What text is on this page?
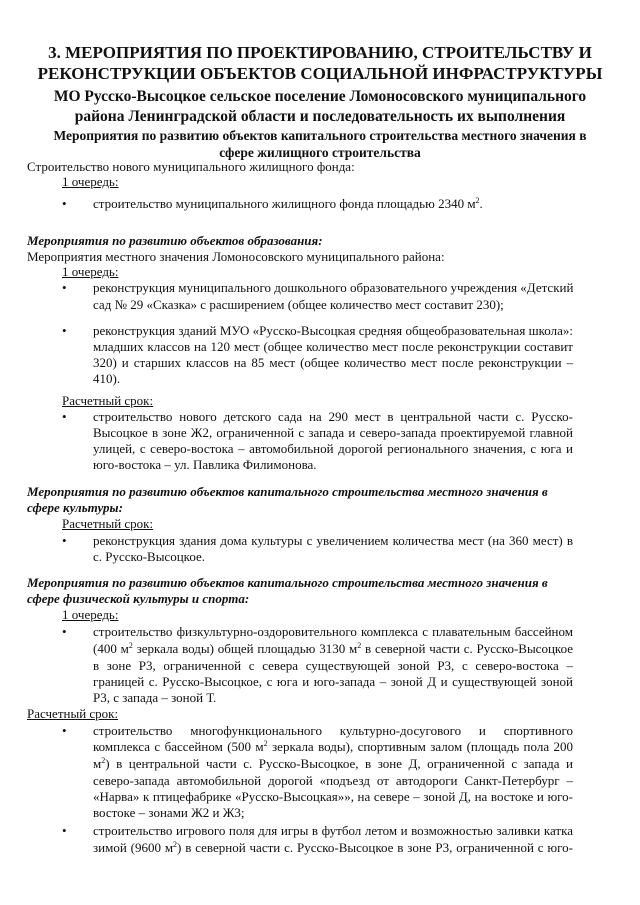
3. МЕРОПРИЯТИЯ ПО ПРОЕКТИРОВАНИЮ, СТРОИТЕЛЬСТВУ И
РЕКОНСТРУКЦИИ ОБЪЕКТОВ СОЦИАЛЬНОЙ ИНФРАСТРУКТУРЫ
МО Русско-Высоцкое сельское поселение Ломоносовского муниципального
района Ленинградской области и последовательность их выполнения
Мероприятия по развитию объектов капитального строительства местного значения в
сфере жилищного строительства
Строительство нового муниципального жилищного фонда:
1 очередь:
• строительство муниципального жилищного фонда площадью 2340 $м^2$.
Мероприятия по развитию объектов образования:
Мероприятия местного значения Ломоносовского муниципального района:
1 очередь:
• реконструкция муниципального дошкольного образовательного учреждения «Детский
сад № 29 «Сказка» с расширением (общее количество мест составит 230);
• реконструкция зданий МУО «Русско-Высоцкая средняя общеобразовательная школа»:
младших классов на 120 мест (общее количество мест после реконструкции составит
320) и старших классов на 85 мест (общее количество мест после реконструкции –
410).
Расчетный срок:
• строительство нового детского сада на 290 мест в центральной части с. Русско-
Высоцкое в зоне Ж2, ограниченной с запада и северо-запада проектируемой главной
улицей, с северо-востока – автомобильной дорогой регионального значения, с юга и
юго-востока – ул. Павлика Филимонова.
Мероприятия по развитию объектов капитального строительства местного значения в
сфере культуры:
Расчетный срок:
• реконструкция здания дома культуры с увеличением количества мест (на 360 мест) в
с. Русско-Высоцкое.
Мероприятия по развитию объектов капитального строительства местного значения в
сфере физической культуры и спорта:
1 очередь:
• строительство физкультурно-оздоровительного комплекса с плавательным бассейном
(400 $м^2$ зеркала воды) общей площадью 3130 $м^2$ в северной части с. Русско-Высоцкое
в зоне Р3, ограниченной с севера существующей зоной Р3, с северо-востока –
границей с. Русско-Высоцкое, с юга и юго-запада – зоной Д и существующей зоной
Р3, с запада – зоной Т.
Расчетный срок:
• строительство многофункционального культурно-досугового и спортивного
комплекса с бассейном (500 $м^2$ зеркала воды), спортивным залом (площадь пола 200
$м^2$) в центральной части с. Русско-Высоцкое, в зоне Д, ограниченной с запада и
северо-запада автомобильной дорогой «подъезд от автодороги Санкт-Петербург –
«Нарва» к птицефабрике «Русско-Высоцкая»», на севере – зоной Д, на востоке и юго-
востоке – зонами Ж2 и Ж3;
• строительство игрового поля для игры в футбол летом и возможностью заливки катка
зимой (9600 $м^2$) в северной части с. Русско-Высоцкое в зоне Р3, ограниченной с юго-
